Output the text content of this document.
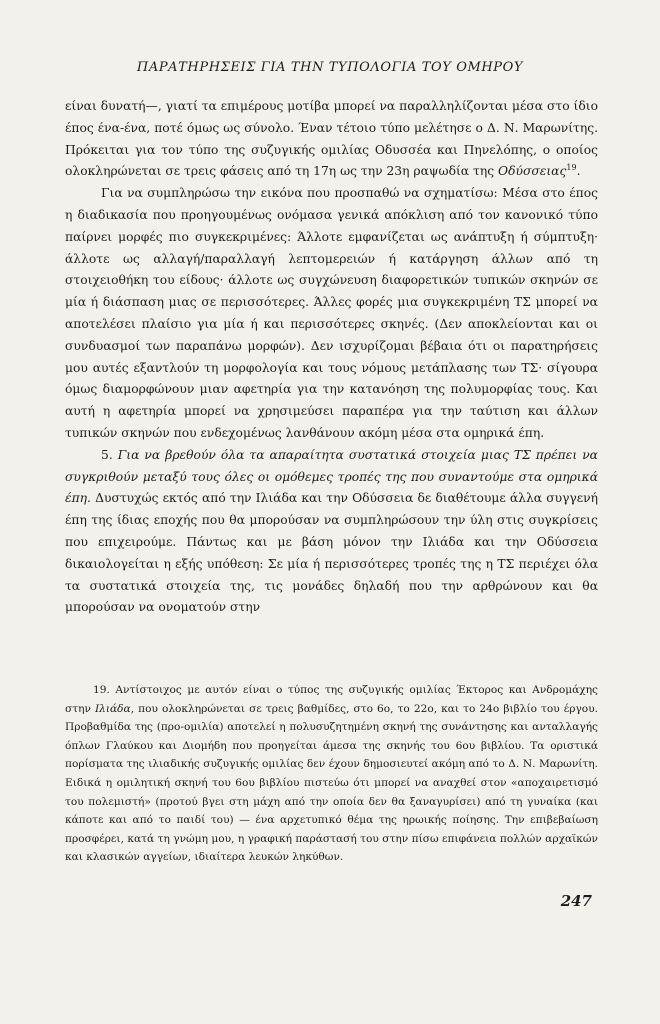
ΠΑΡΑΤΗΡΗΣΕΙΣ ΓΙΑ ΤΗΝ ΤΥΠΟΛΟΓΙΑ ΤΟΥ ΟΜΗΡΟΥ

είναι δυνατή—, γιατί τα επιμέρους μοτίβα μπορεί να παραλληλίζονται μέσα στο ίδιο έπος ένα-ένα, ποτέ όμως ως σύνολο. Έναν τέτοιο τύπο μελέτησε ο Δ. Ν. Μαρωνίτης. Πρόκειται για τον τύπο της συζυγικής ομιλίας Οδυσσέα και Πηνελόπης, ο οποίος ολοκληρώνεται σε τρεις φάσεις από τη 17η ως την 23η ραψωδία της Οδύσσειας$^{19}$.

Για να συμπληρώσω την εικόνα που προσπαθώ να σχηματίσω: Μέσα στο έπος η διαδικασία που προηγουμένως ονόμασα γενικά απόκλιση από τον κανονικό τύπο παίρνει μορφές πιο συγκεκριμένες: Άλλοτε εμφανίζεται ως ανάπτυξη ή σύμπτυξη· άλλοτε ως αλλαγή/παραλλαγή λεπτομερειών ή κατάργηση άλλων από τη στοιχειοθήκη του είδους· άλλοτε ως συγχώνευση διαφορετικών τυπικών σκηνών σε μία ή διάσπαση μιας σε περισσότερες. Άλλες φορές μια συγκεκριμένη ΤΣ μπορεί να αποτελέσει πλαίσιο για μία ή και περισσότερες σκηνές. (Δεν αποκλείονται και οι συνδυασμοί των παραπάνω μορφών). Δεν ισχυρίζομαι βέβαια ότι οι παρατηρήσεις μου αυτές εξαντλούν τη μορφολογία και τους νόμους μετάπλασης των ΤΣ· σίγουρα όμως διαμορφώνουν μιαν αφετηρία για την κατανόηση της πολυμορφίας τους. Και αυτή η αφετηρία μπορεί να χρησιμεύσει παραπέρα για την ταύτιση και άλλων τυπικών σκηνών που ενδεχομένως λανθάνουν ακόμη μέσα στα ομηρικά έπη.

5. Για να βρεθούν όλα τα απαραίτητα συστατικά στοιχεία μιας ΤΣ πρέπει να συγκριθούν μεταξύ τους όλες οι ομόθεμες τροπές της που συναντούμε στα ομηρικά έπη. Δυστυχώς εκτός από την Ιλιάδα και την Οδύσσεια δε διαθέτουμε άλλα συγγενή έπη της ίδιας εποχής που θα μπορούσαν να συμπληρώσουν την ύλη στις συγκρίσεις που επιχειρούμε. Πάντως και με βάση μόνον την Ιλιάδα και την Οδύσσεια δικαιολογείται η εξής υπόθεση: Σε μία ή περισσότερες τροπές της η ΤΣ περιέχει όλα τα συστατικά στοιχεία της, τις μονάδες δηλαδή που την αρθρώνουν και θα μπορούσαν να ονοματούν στην

19. Αντίστοιχος με αυτόν είναι ο τύπος της συζυγικής ομιλίας Έκτορος και Ανδρομάχης στην Ιλιάδα, που ολοκληρώνεται σε τρεις βαθμίδες, στο 6ο, το 22ο, και το 24ο βιβλίο του έργου. Προβαθμίδα της (προ-ομιλία) αποτελεί η πολυσυζητημένη σκηνή της συνάντησης και ανταλλαγής όπλων Γλαύκου και Διομήδη που προηγείται άμεσα της σκηνής του 6ου βιβλίου. Τα οριστικά πορίσματα της ιλιαδικής συζυγικής ομιλίας δεν έχουν δημοσιευτεί ακόμη από το Δ. Ν. Μαρωνίτη. Ειδικά η ομιλητική σκηνή του 6ου βιβλίου πιστεύω ότι μπορεί να αναχθεί στον «αποχαιρετισμό του πολεμιστή» (προτού βγει στη μάχη από την οποία δεν θα ξαναγυρίσει) από τη γυναίκα (και κάποτε και από το παιδί του) — ένα αρχετυπικό θέμα της ηρωικής ποίησης. Την επιβεβαίωση προσφέρει, κατά τη γνώμη μου, η γραφική παράστασή του στην πίσω επιφάνεια πολλών αρχαϊκών και κλασικών αγγείων, ιδιαίτερα λευκών ληκύθων.

247
